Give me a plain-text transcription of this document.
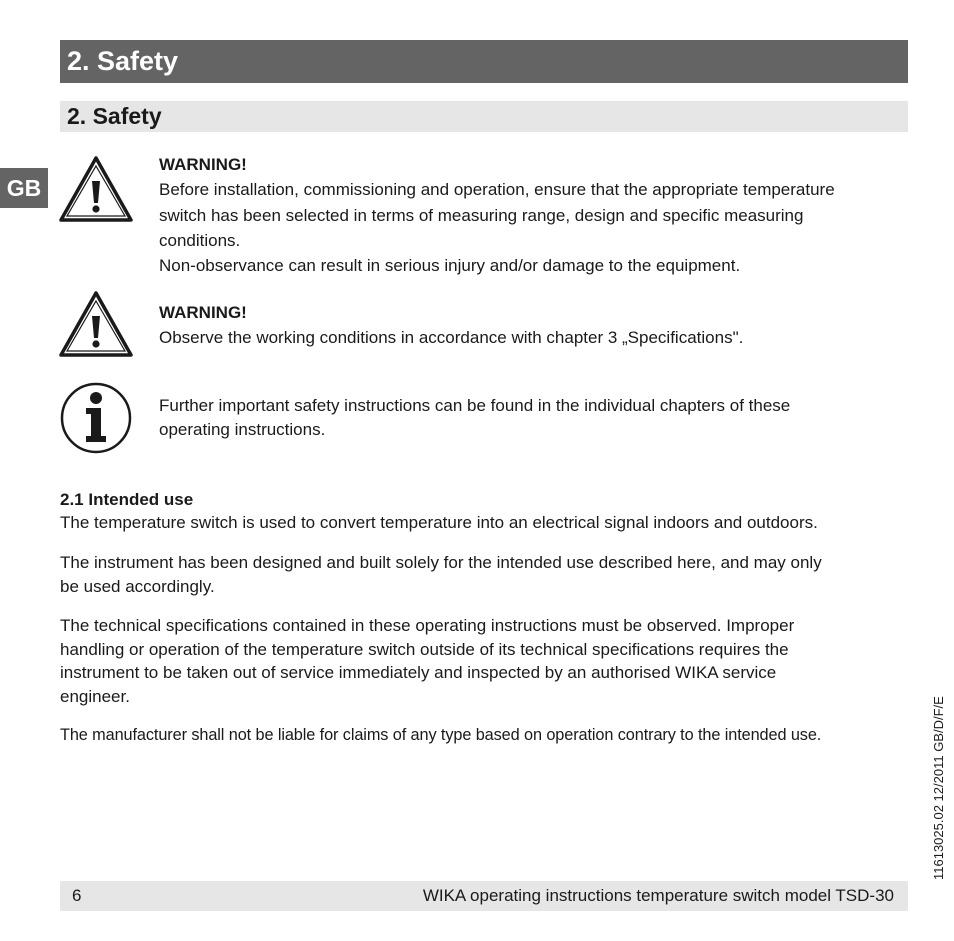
2. Safety
2. Safety
GB
WARNING!
Before installation, commissioning and operation, ensure that the appropriate temperature
switch has been selected in terms of measuring range, design and specific measuring
conditions.
Non-observance can result in serious injury and/or damage to the equipment.
WARNING!
Observe the working conditions in accordance with chapter 3 „Specifications".
Further important safety instructions can be found in the individual chapters of these
operating instructions.
2.1 Intended use
The temperature switch is used to convert temperature into an electrical signal indoors and outdoors.
The instrument has been designed and built solely for the intended use described here, and may only
be used accordingly.
The technical specifications contained in these operating instructions must be observed. Improper
handling or operation of the temperature switch outside of its technical specifications requires the
instrument to be taken out of service immediately and inspected by an authorised WIKA service
engineer.
The manufacturer shall not be liable for claims of any type based on operation contrary to the intended use.
6	WIKA operating instructions temperature switch model TSD-30
11613025.02 12/2011 GB/D/F/E
